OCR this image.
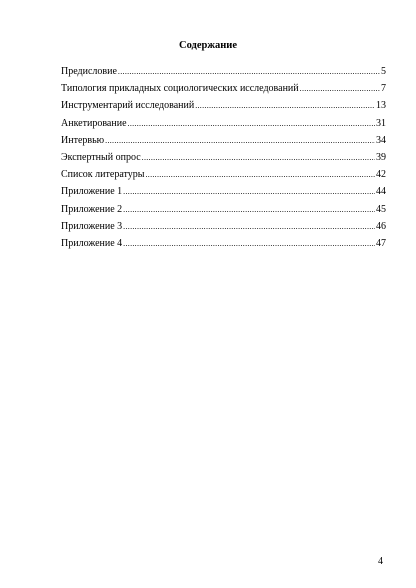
Содержание
Предисловие .....	5
Типология прикладных социологических исследований .....	7
Инструментарий исследований .....	13
Анкетирование .....	31
Интервью .....	34
Экспертный опрос .....	39
Список литературы .....	42
Приложение 1 .....	44
Приложение 2 .....	45
Приложение 3 .....	46
Приложение 4 .....	47
4
